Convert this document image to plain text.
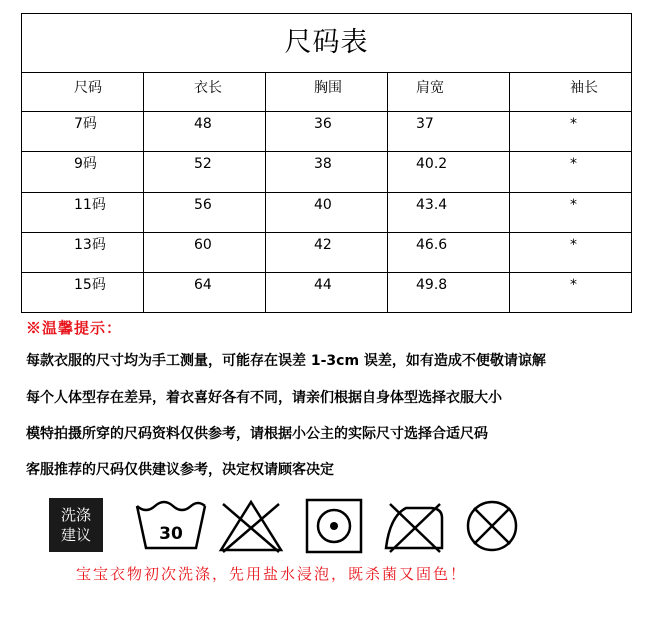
尺码表				

尺码	衣长	胸围	肩宽	袖长

7码	48	36	37	*

9码	52	38	40.2	*

11码	56	40	43.4	*

13码	60	42	46.6	*

15码	64	44	49.8	*
※温馨提示：
每款衣服的尺寸均为手工测量，可能存在误差 1-3cm 误差，如有造成不便敬请谅解
每个人体型存在差异，着衣喜好各有不同，请亲们根据自身体型选择衣服大小
模特拍摄所穿的尺码资料仅供参考，请根据小公主的实际尺寸选择合适尺码
客服推荐的尺码仅供建议参考，决定权请顾客决定
洗涤
建议	30
宝宝衣物初次洗涤，先用盐水浸泡，既杀菌又固色！
